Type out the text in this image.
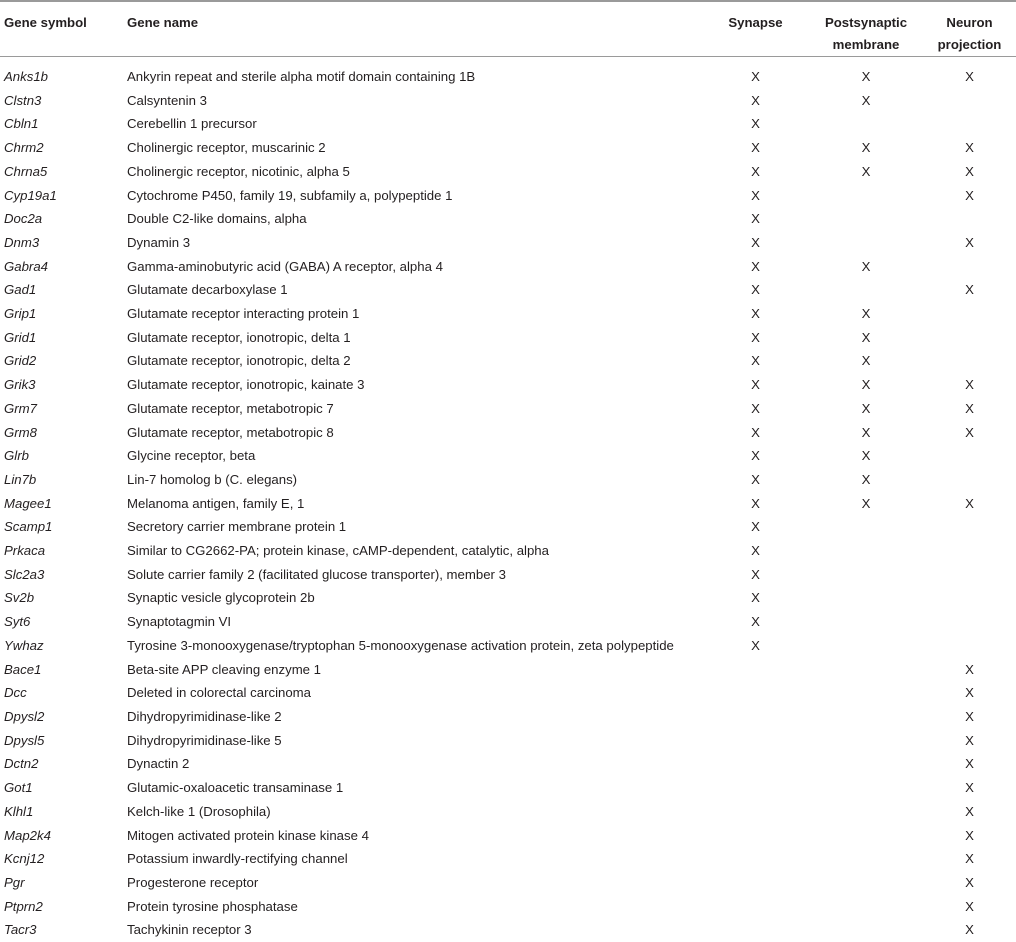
Gene symbol	Gene name	Synapse	Postsynaptic
membrane	Neuron
projection

Anks1b	Ankyrin repeat and sterile alpha motif domain containing 1B	X	X	X
Clstn3	Calsyntenin 3	X	X	
Cbln1	Cerebellin 1 precursor	X		
Chrm2	Cholinergic receptor, muscarinic 2	X	X	X
Chrna5	Cholinergic receptor, nicotinic, alpha 5	X	X	X
Cyp19a1	Cytochrome P450, family 19, subfamily a, polypeptide 1	X		X
Doc2a	Double C2-like domains, alpha	X		
Dnm3	Dynamin 3	X		X
Gabra4	Gamma-aminobutyric acid (GABA) A receptor, alpha 4	X	X	
Gad1	Glutamate decarboxylase 1	X		X
Grip1	Glutamate receptor interacting protein 1	X	X	
Grid1	Glutamate receptor, ionotropic, delta 1	X	X	
Grid2	Glutamate receptor, ionotropic, delta 2	X	X	
Grik3	Glutamate receptor, ionotropic, kainate 3	X	X	X
Grm7	Glutamate receptor, metabotropic 7	X	X	X
Grm8	Glutamate receptor, metabotropic 8	X	X	X
Glrb	Glycine receptor, beta	X	X	
Lin7b	Lin-7 homolog b (C. elegans)	X	X	
Magee1	Melanoma antigen, family E, 1	X	X	X
Scamp1	Secretory carrier membrane protein 1	X		
Prkaca	Similar to CG2662-PA; protein kinase, cAMP-dependent, catalytic, alpha	X		
Slc2a3	Solute carrier family 2 (facilitated glucose transporter), member 3	X		
Sv2b	Synaptic vesicle glycoprotein 2b	X		
Syt6	Synaptotagmin VI	X		
Ywhaz	Tyrosine 3-monooxygenase/tryptophan 5-monooxygenase activation protein, zeta polypeptide	X		
Bace1	Beta-site APP cleaving enzyme 1			X
Dcc	Deleted in colorectal carcinoma			X
Dpysl2	Dihydropyrimidinase-like 2			X
Dpysl5	Dihydropyrimidinase-like 5			X
Dctn2	Dynactin 2			X
Got1	Glutamic-oxaloacetic transaminase 1			X
Klhl1	Kelch-like 1 (Drosophila)			X
Map2k4	Mitogen activated protein kinase kinase 4			X
Kcnj12	Potassium inwardly-rectifying channel			X
Pgr	Progesterone receptor			X
Ptprn2	Protein tyrosine phosphatase			X
Tacr3	Tachykinin receptor 3			X
